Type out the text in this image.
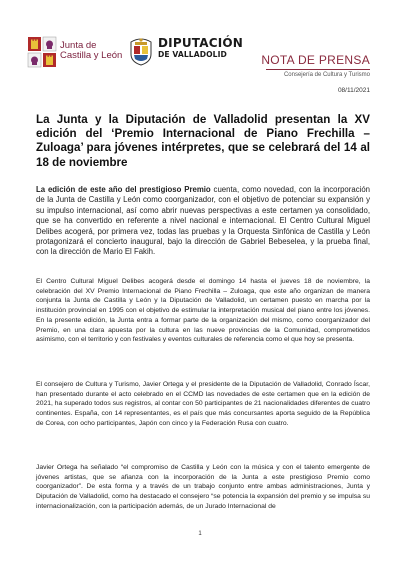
Junta de
Castilla y León
DIPUTACIÓN
DE VALLADOLID	NOTA DE PRENSA
Consejería de Cultura y Turismo
08/11/2021
La Junta y la Diputación de Valladolid presentan la XV edición del ‘Premio Internacional de Piano Frechilla – Zuloaga’ para jóvenes intérpretes, que se celebrará del 14 al 18 de noviembre

La edición de este año del prestigioso Premio cuenta, como novedad, con la incorporación de la Junta de Castilla y León como coorganizador, con el objetivo de potenciar su expansión y su impulso internacional, así como abrir nuevas perspectivas a este certamen ya consolidado, que se ha convertido en referente a nivel nacional e internacional. El Centro Cultural Miguel Delibes acogerá, por primera vez, todas las pruebas y la Orquesta Sinfónica de Castilla y León protagonizará el concierto inaugural, bajo la dirección de Gabriel Bebeselea, y la prueba final, con la dirección de Mario El Fakih.

El Centro Cultural Miguel Delibes acogerá desde el domingo 14 hasta el jueves 18 de noviembre, la celebración del XV Premio Internacional de Piano Frechilla – Zuloaga, que este año organizan de manera conjunta la Junta de Castilla y León y la Diputación de Valladolid, un certamen puesto en marcha por la institución provincial en 1995 con el objetivo de estimular la interpretación musical del piano entre los jóvenes. En la presente edición, la Junta entra a formar parte de la organización del mismo, como coorganizador del Premio, en una clara apuesta por la cultura en las nueve provincias de la Comunidad, comprometidos asimismo, con el territorio y con festivales y eventos culturales de referencia como el que hoy se presenta.

El consejero de Cultura y Turismo, Javier Ortega y el presidente de la Diputación de Valladolid, Conrado Íscar, han presentado durante el acto celebrado en el CCMD las novedades de este certamen que en la edición de 2021, ha superado todos sus registros, al contar con 50 participantes de 21 nacionalidades diferentes de cuatro continentes. España, con 14 representantes, es el país que más concursantes aporta seguido de la República de Corea, con ocho participantes, Japón con cinco y la Federación Rusa con cuatro.

Javier Ortega ha señalado “el compromiso de Castilla y León con la música y con el talento emergente de jóvenes artistas, que se afianza con la incorporación de la Junta a este prestigioso Premio como coorganizador”. De esta forma y a través de un trabajo conjunto entre ambas administraciones, Junta y Diputación de Valladolid, como ha destacado el consejero “se potencia la expansión del premio y se impulsa su internacionalización, con la participación además, de un Jurado Internacional de

1
